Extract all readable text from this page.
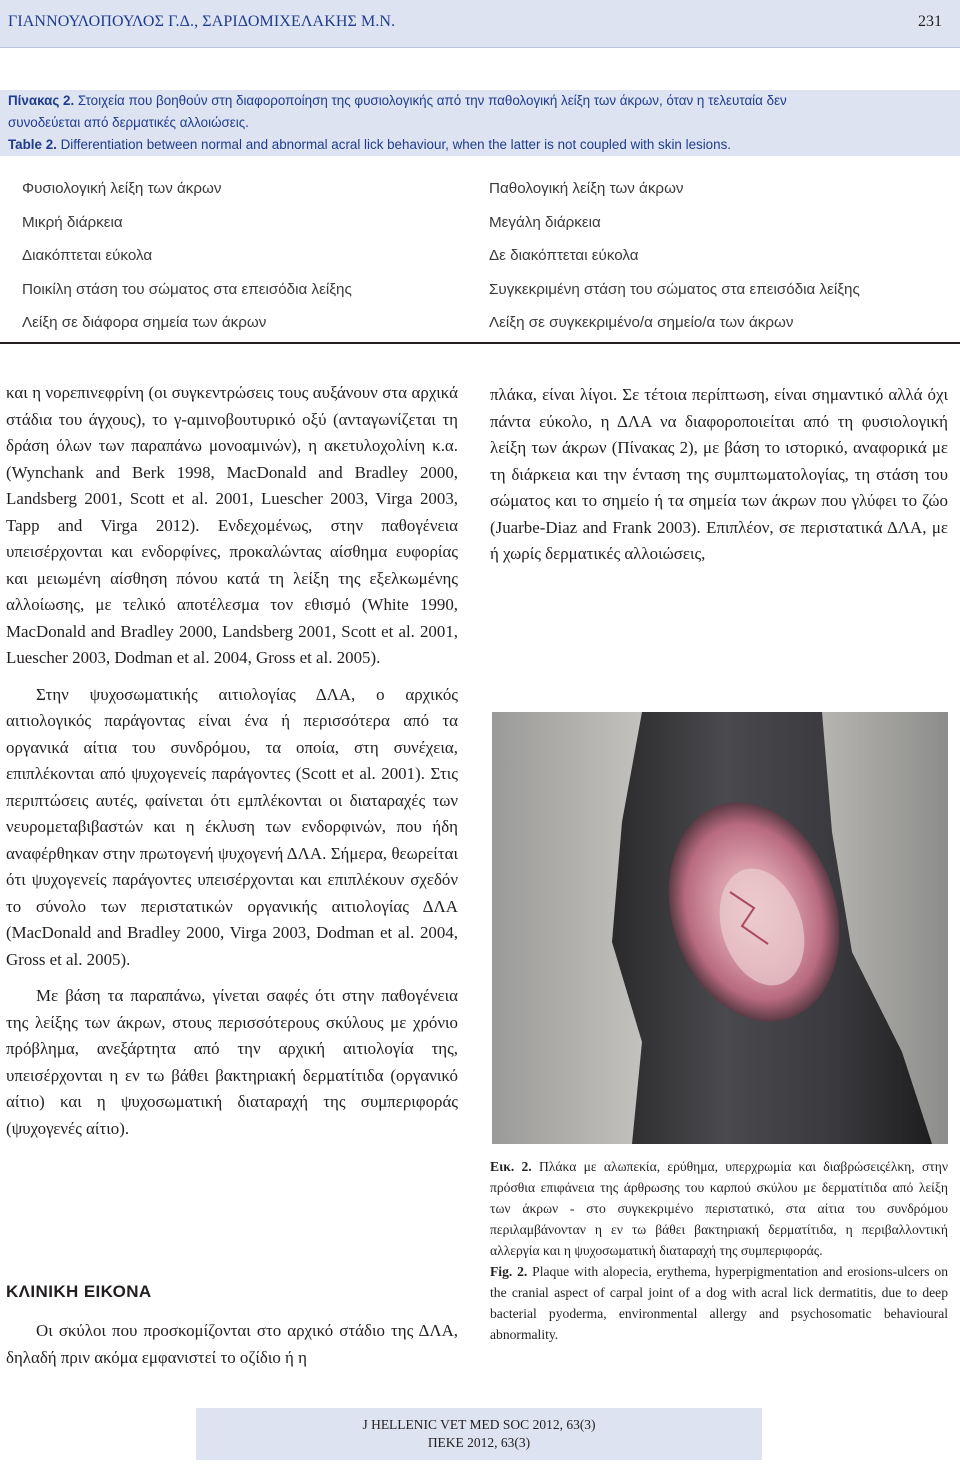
ΓΙΑΝΝΟΥΛΟΠΟΥΛΟΣ Γ.Δ., ΣΑΡΙΔΟΜΙΧΕΛΑΚΗΣ Μ.Ν.	231
Πίνακας 2. Στοιχεία που βοηθούν στη διαφοροποίηση της φυσιολογικής από την παθολογική λείξη των άκρων, όταν η τελευταία δεν
συνοδεύεται από δερματικές αλλοιώσεις.
Table 2. Differentiation between normal and abnormal acral lick behaviour, when the latter is not coupled with skin lesions.
Φυσιολογική λείξη των άκρων
Μικρή διάρκεια
Διακόπτεται εύκολα
Ποικίλη στάση του σώματος στα επεισόδια λείξης
Λείξη σε διάφορα σημεία των άκρων
Παθολογική λείξη των άκρων
Μεγάλη διάρκεια
Δε διακόπτεται εύκολα
Συγκεκριμένη στάση του σώματος στα επεισόδια λείξης
Λείξη σε συγκεκριμένο/α σημείο/α των άκρων

και η νορεπινεφρίνη (οι συγκεντρώσεις τους αυξάνουν στα αρχικά στάδια του άγχους), το γ-αμινοβουτυρικό οξύ (ανταγωνίζεται τη δράση όλων των παραπάνω μονοαμινών), η ακετυλοχολίνη κ.α. (Wynchank and Berk 1998, MacDonald and Bradley 2000, Landsberg 2001, Scott et al. 2001, Luescher 2003, Virga 2003, Tapp and Virga 2012). Ενδεχομένως, στην παθογένεια υπεισέρχονται και ενδορφίνες, προκαλώντας αίσθημα ευφορίας και μειωμένη αίσθηση πόνου κατά τη λείξη της εξελκωμένης αλλοίωσης, με τελικό αποτέλεσμα τον εθισμό (White 1990, MacDonald and Bradley 2000, Landsberg 2001, Scott et al. 2001, Luescher 2003, Dodman et al. 2004, Gross et al. 2005).

Στην ψυχοσωματικής αιτιολογίας ΔΛΑ, ο αρχικός αιτιολογικός παράγοντας είναι ένα ή περισσότερα από τα οργανικά αίτια του συνδρόμου, τα οποία, στη συνέχεια, επιπλέκονται από ψυχογενείς παράγοντες (Scott et al. 2001). Στις περιπτώσεις αυτές, φαίνεται ότι εμπλέκονται οι διαταραχές των νευρομεταβιβαστών και η έκλυση των ενδορφινών, που ήδη αναφέρθηκαν στην πρωτογενή ψυχογενή ΔΛΑ. Σήμερα, θεωρείται ότι ψυχογενείς παράγοντες υπεισέρχονται και επιπλέκουν σχεδόν το σύνολο των περιστατικών οργανικής αιτιολογίας ΔΛΑ (MacDonald and Bradley 2000, Virga 2003, Dodman et al. 2004, Gross et al. 2005).

Με βάση τα παραπάνω, γίνεται σαφές ότι στην παθογένεια της λείξης των άκρων, στους περισσότερους σκύλους με χρόνιο πρόβλημα, ανεξάρτητα από την αρχική αιτιολογία της, υπεισέρχονται η εν τω βάθει βακτηριακή δερματίτιδα (οργανικό αίτιο) και η ψυχοσωματική διαταραχή της συμπεριφοράς (ψυχογενές αίτιο).

ΚΛΙΝΙΚΗ ΕΙΚΟΝΑ

Οι σκύλοι που προσκομίζονται στο αρχικό στάδιο της ΔΛΑ, δηλαδή πριν ακόμα εμφανιστεί το οζίδιο ή η

πλάκα, είναι λίγοι. Σε τέτοια περίπτωση, είναι σημαντικό αλλά όχι πάντα εύκολο, η ΔΛΑ να διαφοροποιείται από τη φυσιολογική λείξη των άκρων (Πίνακας 2), με βάση το ιστορικό, αναφορικά με τη διάρκεια και την ένταση της συμπτωματολογίας, τη στάση του σώματος και το σημείο ή τα σημεία των άκρων που γλύφει το ζώο (Juarbe-Diaz and Frank 2003). Επιπλέον, σε περιστατικά ΔΛΑ, με ή χωρίς δερματικές αλλοιώσεις,

Εικ. 2. Πλάκα με αλωπεκία, ερύθημα, υπερχρωμία και διαβρώσειςέλκη, στην πρόσθια επιφάνεια της άρθρωσης του καρπού σκύλου με δερματίτιδα από λείξη των άκρων - στο συγκεκριμένο περιστατικό, στα αίτια του συνδρόμου περιλαμβάνονταν η εν τω βάθει βακτηριακή δερματίτιδα, η περιβαλλοντική αλλεργία και η ψυχοσωματική διαταραχή της συμπεριφοράς.

Fig. 2. Plaque with alopecia, erythema, hyperpigmentation and erosions-ulcers on the cranial aspect of carpal joint of a dog with acral lick dermatitis, due to deep bacterial pyoderma, environmental allergy and psychosomatic behavioural abnormality.

J HELLENIC VET MED SOC 2012, 63(3)
ΠΕΚΕ 2012, 63(3)
